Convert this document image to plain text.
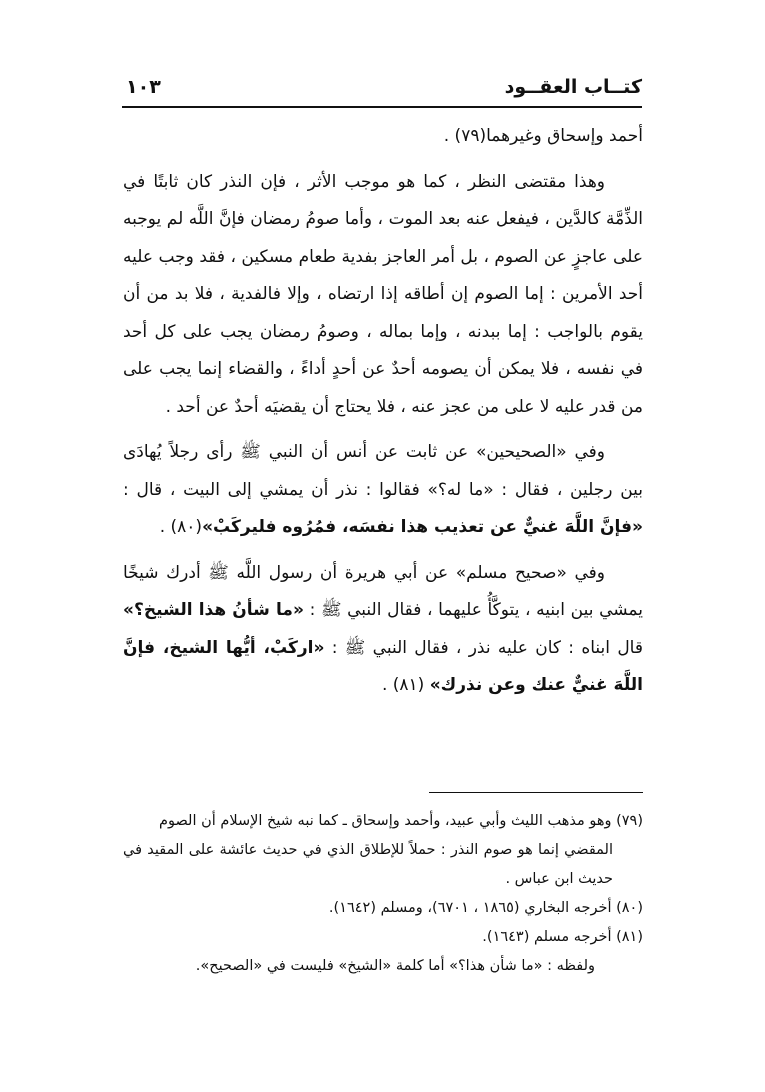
كتــاب العقــود
١٠٣

أحمد وإسحاق وغيرهما(٧٩) .

وهذا مقتضى النظر ، كما هو موجب الأثر ، فإن النذر كان ثابتًا في الذِّمَّة كالدَّين ، فيفعل عنه بعد الموت ، وأما صومُ رمضان فإنَّ اللَّه لم يوجبه على عاجزٍ عن الصوم ، بل أمر العاجز بفدية طعام مسكين ، فقد وجب عليه أحد الأمرين : إما الصوم إن أطاقه إذا ارتضاه ، وإلا فالفدية ، فلا بد من أن يقوم بالواجب : إما ببدنه ، وإما بماله ، وصومُ رمضان يجب على كل أحد في نفسه ، فلا يمكن أن يصومه أحدٌ عن أحدٍ أداءً ، والقضاء إنما يجب على من قدر عليه لا على من عجز عنه ، فلا يحتاج أن يقضيَه أحدٌ عن أحد .

وفي «الصحيحين» عن ثابت عن أنس أن النبي ﷺ رأى رجلاً يُهادَى بين رجلين ، فقال : «ما له؟» فقالوا : نذر أن يمشي إلى البيت ، قال : «فإنَّ اللَّهَ غنيٌّ عن تعذيب هذا نفسَه، فمُرُوه فليركَبْ»(٨٠) .

وفي «صحيح مسلم» عن أبي هريرة أن رسول اللَّه ﷺ أدرك شيخًا يمشي بين ابنيه ، يتوكَّأُ عليهما ، فقال النبي ﷺ : «ما شأنُ هذا الشيخ؟» قال ابناه : كان عليه نذر ، فقال النبي ﷺ : «اركَبْ، أيُّها الشيخ، فإنَّ اللَّهَ غنيٌّ عنك وعن نذرك» (٨١) .

(٧٩) وهو مذهب الليث وأبي عبيد، وأحمد وإسحاق ـ كما نبه شيخ الإسلام أن الصوم

المقضي إنما هو صوم النذر : حملاً للإطلاق الذي في حديث عائشة على المقيد في حديث ابن عباس .

(٨٠) أخرجه البخاري (١٨٦٥ ، ٦٧٠١)، ومسلم (١٦٤٢).

(٨١) أخرجه مسلم (١٦٤٣).

ولفظه : «ما شأن هذا؟» أما كلمة «الشيخ» فليست في «الصحيح».
